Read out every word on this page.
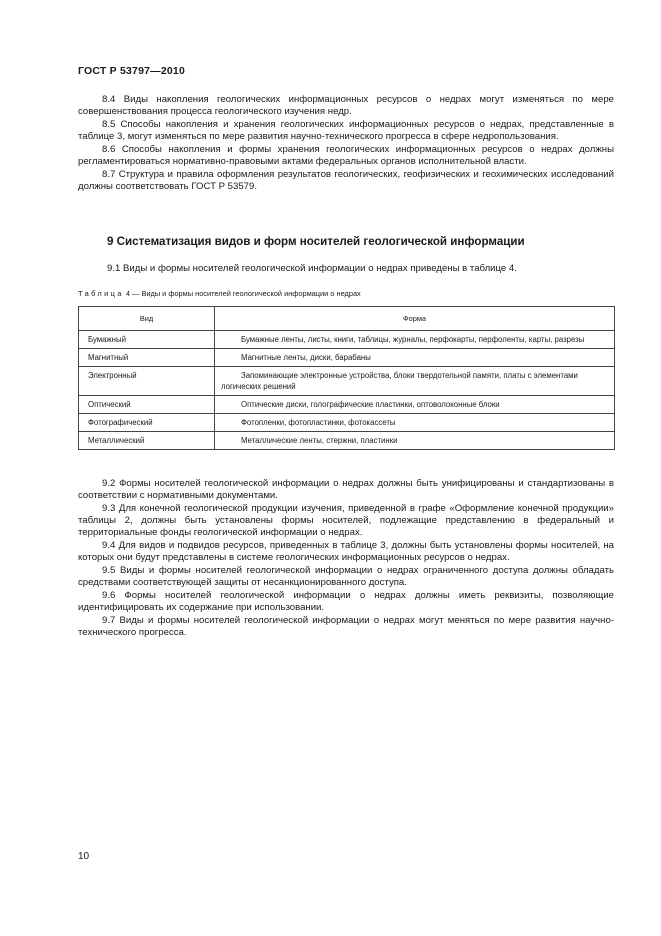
ГОСТ Р 53797—2010

8.4 Виды накопления геологических информационных ресурсов о недрах могут изменяться по мере совершенствования процесса геологического изучения недр.

8.5 Способы накопления и хранения геологических информационных ресурсов о недрах, представленные в таблице 3, могут изменяться по мере развития научно-технического прогресса в сфере недропользования.

8.6 Способы накопления и формы хранения геологических информационных ресурсов о недрах должны регламентироваться нормативно-правовыми актами федеральных органов исполнительной власти.

8.7 Структура и правила оформления результатов геологических, геофизических и геохимических исследований должны соответствовать ГОСТ Р 53579.

9 Систематизация видов и форм носителей геологической информации
9.1 Виды и формы носителей геологической информации о недрах приведены в таблице 4.
Таблица 4 — Виды и формы носителей геологической информации о недрах
Вид	Форма
Бумажный	Бумажные ленты, листы, книги, таблицы, журналы, перфокарты, перфоленты, карты, разрезы
Магнитный	Магнитные ленты, диски, барабаны
Электронный	Запоминающие электронные устройства, блоки твердотельной памяти, платы с элементами логических решений
Оптический	Оптические диски, голографические пластинки, оптоволоконные блоки
Фотографический	Фотопленки, фотопластинки, фотокассеты
Металлический	Металлические ленты, стержни, пластинки

9.2 Формы носителей геологической информации о недрах должны быть унифицированы и стандартизованы в соответствии с нормативными документами.

9.3 Для конечной геологической продукции изучения, приведенной в графе «Оформление конечной продукции» таблицы 2, должны быть установлены формы носителей, подлежащие представлению в федеральный и территориальные фонды геологической информации о недрах.

9.4 Для видов и подвидов ресурсов, приведенных в таблице 3, должны быть установлены формы носителей, на которых они будут представлены в системе геологических информационных ресурсов о недрах.

9.5 Виды и формы носителей геологической информации о недрах ограниченного доступа должны обладать средствами соответствующей защиты от несанкционированного доступа.

9.6 Формы носителей геологической информации о недрах должны иметь реквизиты, позволяющие идентифицировать их содержание при использовании.

9.7 Виды и формы носителей геологической информации о недрах могут меняться по мере развития научно-технического прогресса.

10
